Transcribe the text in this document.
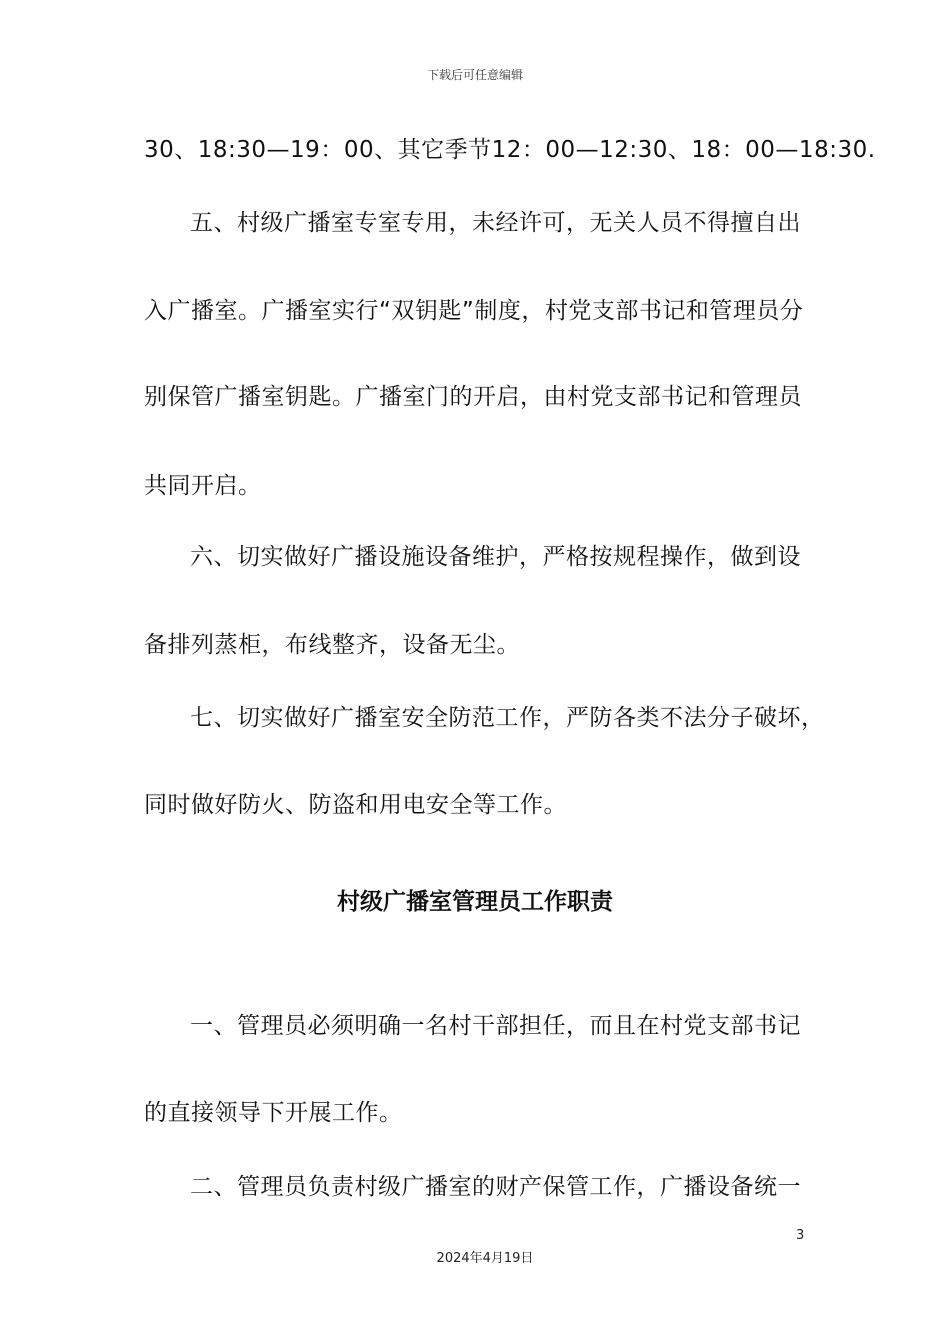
下载后可任意编辑
30、18:30—19：00、其它季节12：00—12:30、18：00—18:30.
五、村级广播室专室专用，未经许可，无关人员不得擅自出
入广播室。广播室实行“双钥匙”制度，村党支部书记和管理员分
别保管广播室钥匙。广播室门的开启，由村党支部书记和管理员
共同开启。
六、切实做好广播设施设备维护，严格按规程操作，做到设
备排列蒸柜，布线整齐，设备无尘。
七、切实做好广播室安全防范工作，严防各类不法分子破坏，
同时做好防火、防盗和用电安全等工作。
村级广播室管理员工作职责
一、管理员必须明确一名村干部担任，而且在村党支部书记
的直接领导下开展工作。
二、管理员负责村级广播室的财产保管工作，广播设备统一
3
2024年4月19日
